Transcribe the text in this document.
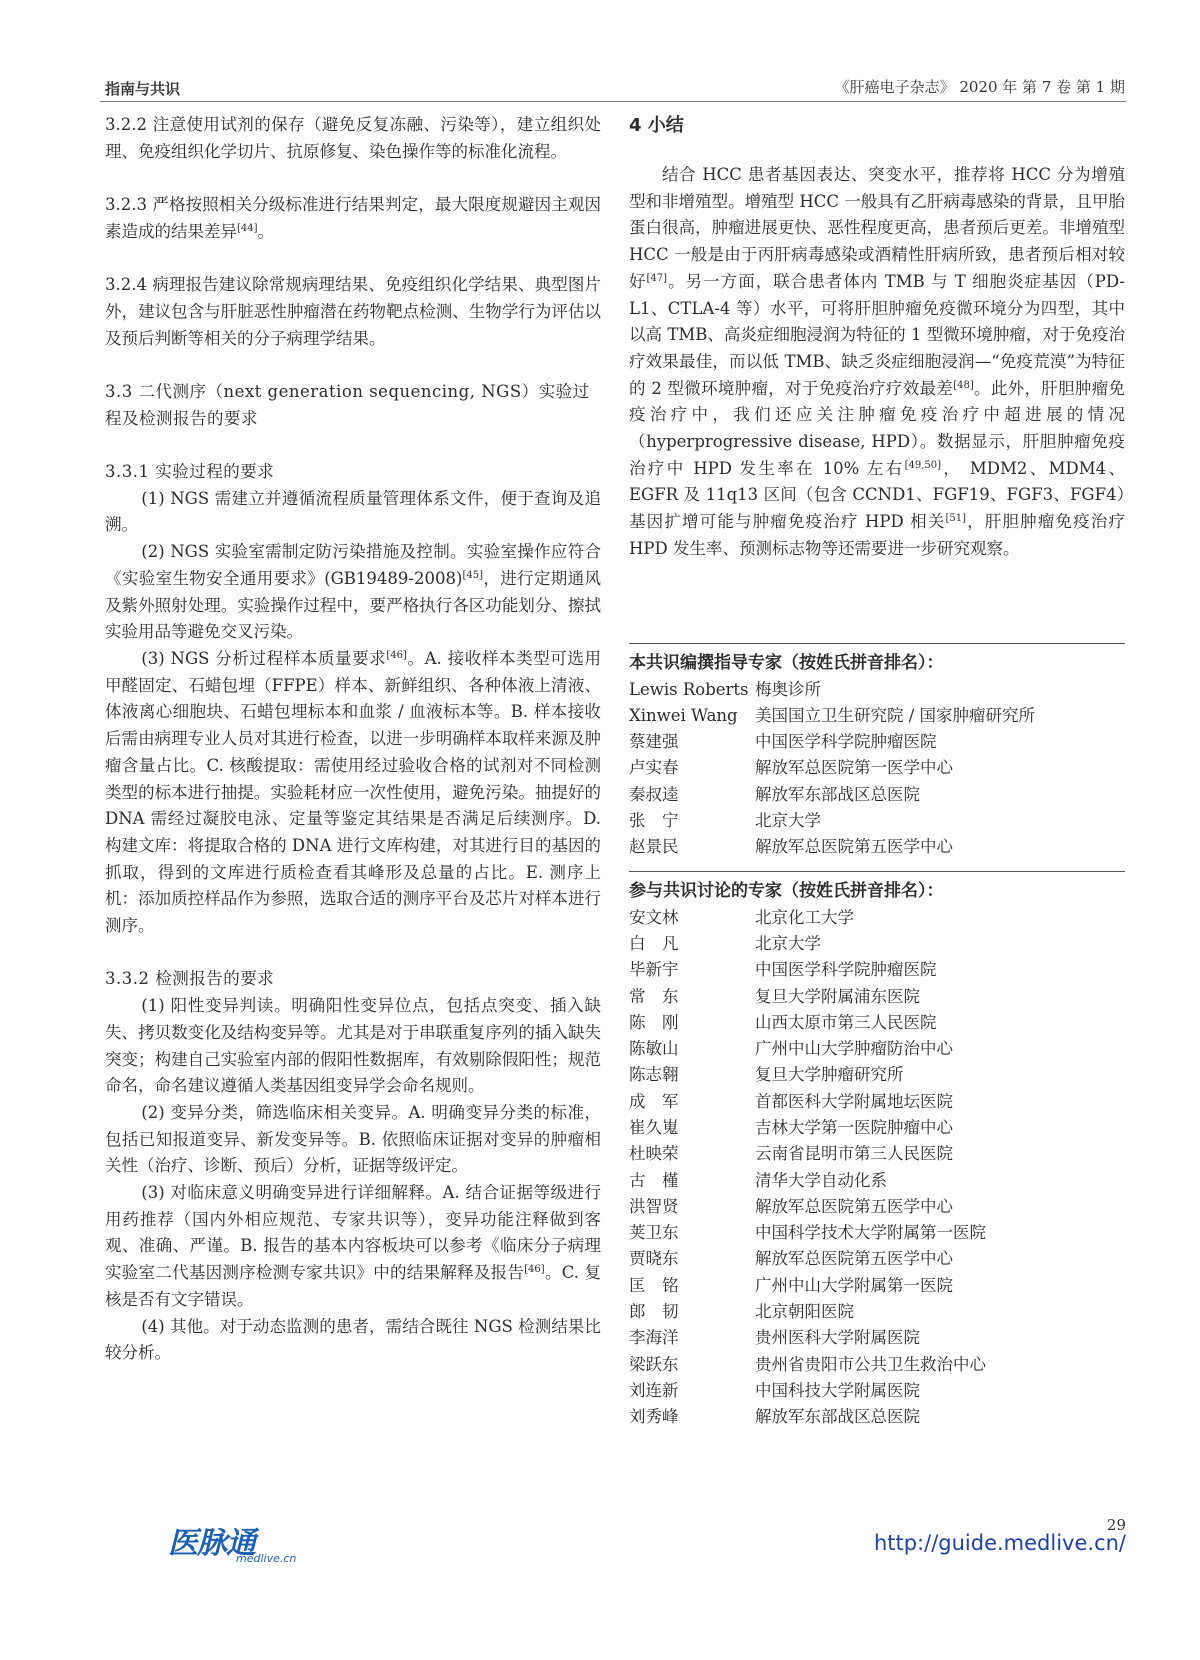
指南与共识	《肝癌电子杂志》 2020 年 第 7 卷 第 1 期

3.2.2 注意使用试剂的保存（避免反复冻融、污染等），建立组织处理、免疫组织化学切片、抗原修复、染色操作等的标准化流程。

3.2.3 严格按照相关分级标准进行结果判定，最大限度规避因主观因素造成的结果差异[44]。

3.2.4 病理报告建议除常规病理结果、免疫组织化学结果、典型图片外，建议包含与肝脏恶性肿瘤潜在药物靶点检测、生物学行为评估以及预后判断等相关的分子病理学结果。

3.3 二代测序（next generation sequencing, NGS）实验过程及检测报告的要求
3.3.1 实验过程的要求

(1) NGS 需建立并遵循流程质量管理体系文件，便于查询及追溯。

(2) NGS 实验室需制定防污染措施及控制。实验室操作应符合《实验室生物安全通用要求》(GB19489-2008)[45]，进行定期通风及紫外照射处理。实验操作过程中，要严格执行各区功能划分、擦拭实验用品等避免交叉污染。

(3) NGS 分析过程样本质量要求[46]。A. 接收样本类型可选用甲醛固定、石蜡包埋（FFPE）样本、新鲜组织、各种体液上清液、体液离心细胞块、石蜡包埋标本和血浆 / 血液标本等。B. 样本接收后需由病理专业人员对其进行检查，以进一步明确样本取样来源及肿瘤含量占比。C. 核酸提取：需使用经过验收合格的试剂对不同检测类型的标本进行抽提。实验耗材应一次性使用，避免污染。抽提好的 DNA 需经过凝胶电泳、定量等鉴定其结果是否满足后续测序。D. 构建文库：将提取合格的 DNA 进行文库构建，对其进行目的基因的抓取，得到的文库进行质检查看其峰形及总量的占比。E. 测序上机：添加质控样品作为参照，选取合适的测序平台及芯片对样本进行测序。

3.3.2 检测报告的要求

(1) 阳性变异判读。明确阳性变异位点，包括点突变、插入缺失、拷贝数变化及结构变异等。尤其是对于串联重复序列的插入缺失突变；构建自己实验室内部的假阳性数据库，有效剔除假阳性；规范命名，命名建议遵循人类基因组变异学会命名规则。

(2) 变异分类，筛选临床相关变异。A. 明确变异分类的标准，包括已知报道变异、新发变异等。B. 依照临床证据对变异的肿瘤相关性（治疗、诊断、预后）分析，证据等级评定。

(3) 对临床意义明确变异进行详细解释。A. 结合证据等级进行用药推荐（国内外相应规范、专家共识等），变异功能注释做到客观、准确、严谨。B. 报告的基本内容板块可以参考《临床分子病理实验室二代基因测序检测专家共识》中的结果解释及报告[46]。C. 复核是否有文字错误。

(4) 其他。对于动态监测的患者，需结合既往 NGS 检测结果比较分析。

4 小结

结合 HCC 患者基因表达、突变水平，推荐将 HCC 分为增殖型和非增殖型。增殖型 HCC 一般具有乙肝病毒感染的背景，且甲胎蛋白很高，肿瘤进展更快、恶性程度更高，患者预后更差。非增殖型 HCC 一般是由于丙肝病毒感染或酒精性肝病所致，患者预后相对较好[47]。另一方面，联合患者体内 TMB 与 T 细胞炎症基因（PD-L1、CTLA-4 等）水平，可将肝胆肿瘤免疫微环境分为四型，其中以高 TMB、高炎症细胞浸润为特征的 1 型微环境肿瘤，对于免疫治疗效果最佳，而以低 TMB、缺乏炎症细胞浸润—“免疫荒漠”为特征的 2 型微环境肿瘤，对于免疫治疗疗效最差[48]。此外，肝胆肿瘤免疫治疗中，我们还应关注肿瘤免疫治疗中超进展的情况（hyperprogressive disease, HPD）。数据显示，肝胆肿瘤免疫治疗中 HPD 发生率在 10% 左右[49,50]， MDM2、MDM4、EGFR 及 11q13 区间（包含 CCND1、FGF19、FGF3、FGF4）基因扩增可能与肿瘤免疫治疗 HPD 相关[51]，肝胆肿瘤免疫治疗 HPD 发生率、预测标志物等还需要进一步研究观察。

本共识编撰指导专家（按姓氏拼音排名）：
Lewis Roberts 梅奥诊所
Xinwei Wang	美国国立卫生研究院 / 国家肿瘤研究所
蔡建强	中国医学科学院肿瘤医院
卢实春	解放军总医院第一医学中心
秦叔逵	解放军东部战区总医院
张　宁	北京大学
赵景民	解放军总医院第五医学中心
参与共识讨论的专家（按姓氏拼音排名）：
安文林	北京化工大学
白　凡	北京大学
毕新宇	中国医学科学院肿瘤医院
常　东	复旦大学附属浦东医院
陈　刚	山西太原市第三人民医院
陈敏山	广州中山大学肿瘤防治中心
陈志翱	复旦大学肿瘤研究所
成　军	首都医科大学附属地坛医院
崔久嵬	吉林大学第一医院肿瘤中心
杜映荣	云南省昆明市第三人民医院
古　槿	清华大学自动化系
洪智贤	解放军总医院第五医学中心
荚卫东	中国科学技术大学附属第一医院
贾晓东	解放军总医院第五医学中心
匡　铭	广州中山大学附属第一医院
郎　韧	北京朝阳医院
李海洋	贵州医科大学附属医院
梁跃东	贵州省贵阳市公共卫生救治中心
刘连新	中国科技大学附属医院
刘秀峰	解放军东部战区总医院
29
医脉通
medlive.cn
http://guide.medlive.cn/
